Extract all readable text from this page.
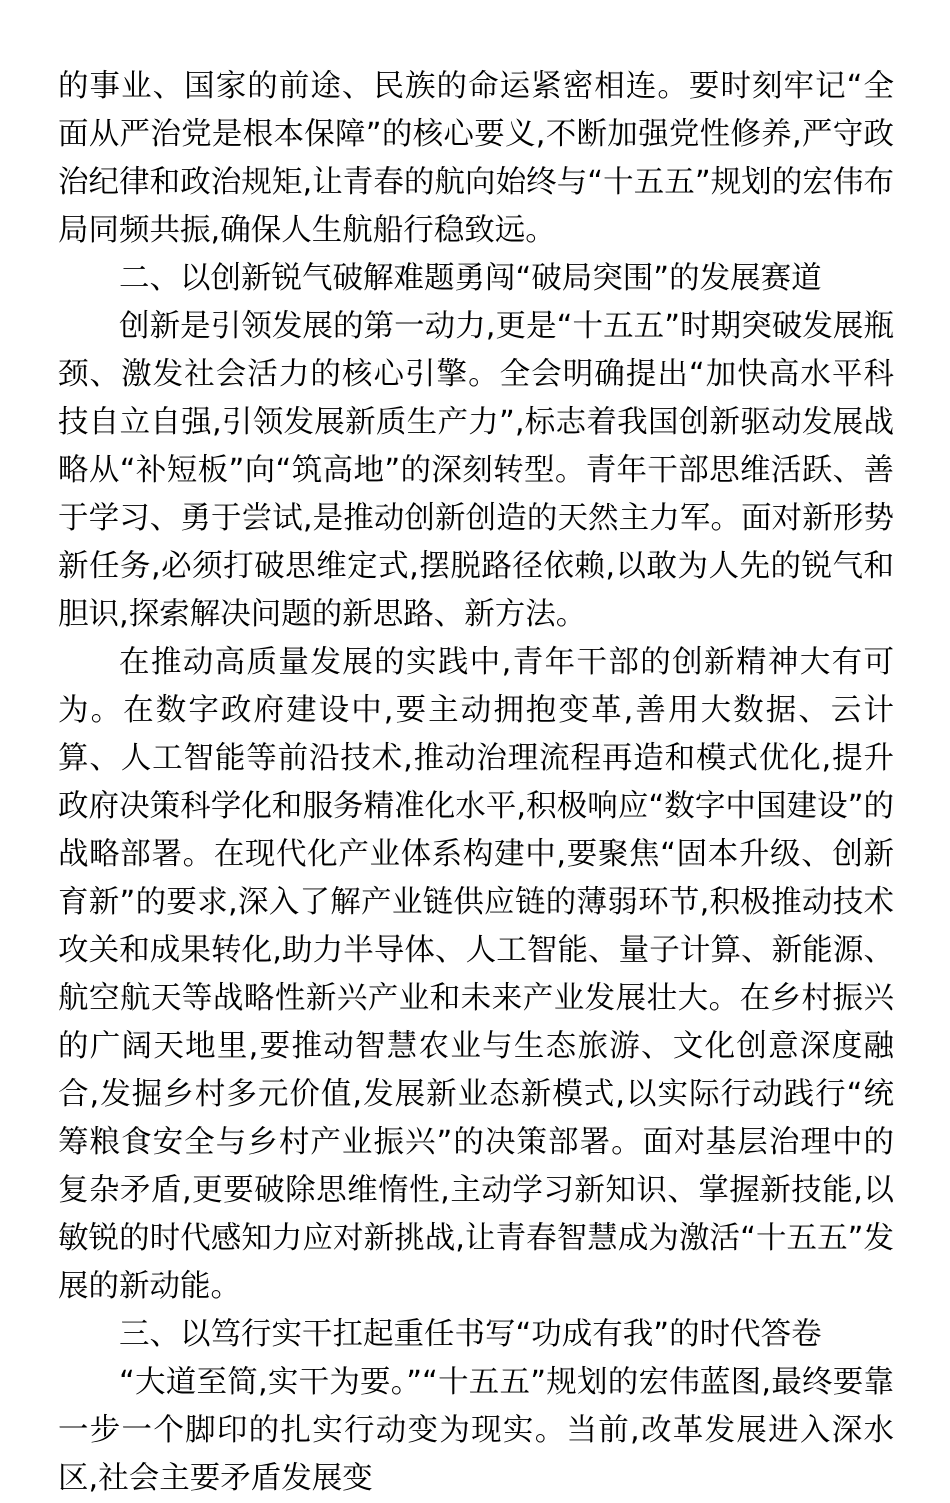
的事业、国家的前途、民族的命运紧密相连。要时刻牢记“全面从严治党是根本保障”的核心要义,不断加强党性修养,严守政治纪律和政治规矩,让青春的航向始终与“十五五”规划的宏伟布局同频共振,确保人生航船行稳致远。

二、以创新锐气破解难题勇闯“破局突围”的发展赛道

创新是引领发展的第一动力,更是“十五五”时期突破发展瓶颈、激发社会活力的核心引擎。全会明确提出“加快高水平科技自立自强,引领发展新质生产力”,标志着我国创新驱动发展战略从“补短板”向“筑高地”的深刻转型。青年干部思维活跃、善于学习、勇于尝试,是推动创新创造的天然主力军。面对新形势新任务,必须打破思维定式,摆脱路径依赖,以敢为人先的锐气和胆识,探索解决问题的新思路、新方法。

在推动高质量发展的实践中,青年干部的创新精神大有可为。在数字政府建设中,要主动拥抱变革,善用大数据、云计算、人工智能等前沿技术,推动治理流程再造和模式优化,提升政府决策科学化和服务精准化水平,积极响应“数字中国建设”的战略部署。在现代化产业体系构建中,要聚焦“固本升级、创新育新”的要求,深入了解产业链供应链的薄弱环节,积极推动技术攻关和成果转化,助力半导体、人工智能、量子计算、新能源、航空航天等战略性新兴产业和未来产业发展壮大。在乡村振兴的广阔天地里,要推动智慧农业与生态旅游、文化创意深度融合,发掘乡村多元价值,发展新业态新模式,以实际行动践行“统筹粮食安全与乡村产业振兴”的决策部署。面对基层治理中的复杂矛盾,更要破除思维惰性,主动学习新知识、掌握新技能,以敏锐的时代感知力应对新挑战,让青春智慧成为激活“十五五”发展的新动能。

三、以笃行实干扛起重任书写“功成有我”的时代答卷

“大道至简,实干为要。”“十五五”规划的宏伟蓝图,最终要靠一步一个脚印的扎实行动变为现实。当前,改革发展进入深水区,社会主要矛盾发展变
